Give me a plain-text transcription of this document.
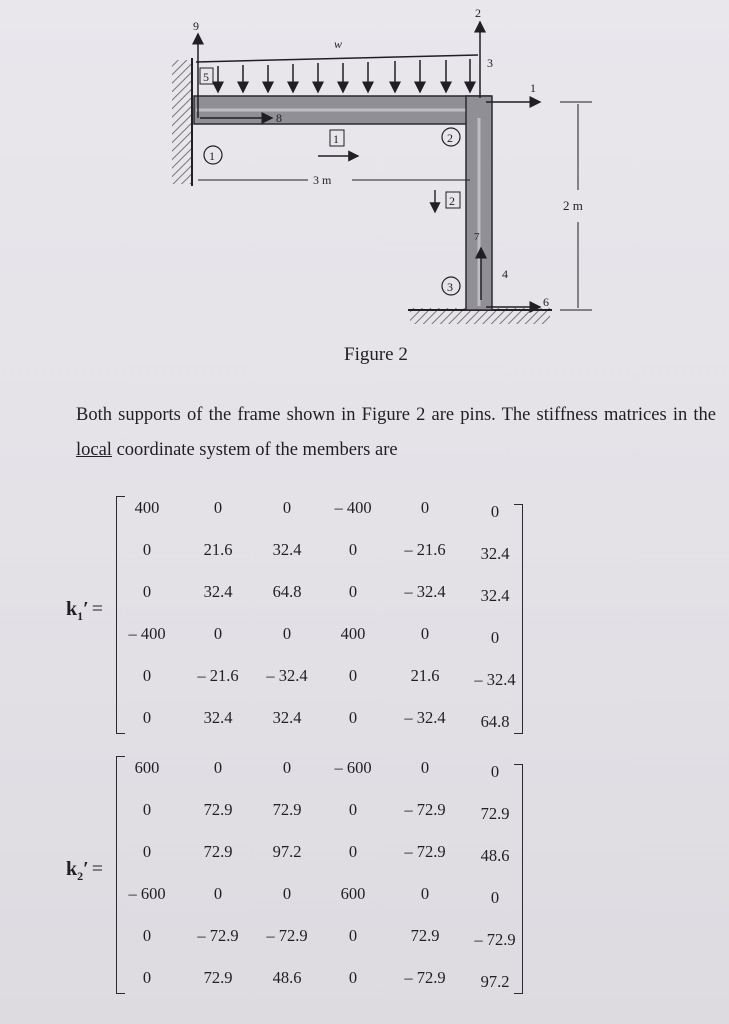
w
9
5
8
1
1
3 m
2
2
2
3
1
7
4
6
3
2 m
Figure 2
Both supports of the frame shown in Figure 2 are pins. The stiffness matrices in the local coordinate system of the members are
$k_1'$ =
400	0	0	– 400	0	0
0	21.6	32.4	0	– 21.6	32.4
0	32.4	64.8	0	– 32.4	32.4
– 400	0	0	400	0	0
0	– 21.6	– 32.4	0	21.6	– 32.4
0	32.4	32.4	0	– 32.4	64.8
$k_2'$ =
600	0	0	– 600	0	0
0	72.9	72.9	0	– 72.9	72.9
0	72.9	97.2	0	– 72.9	48.6
– 600	0	0	600	0	0
0	– 72.9	– 72.9	0	72.9	– 72.9
0	72.9	48.6	0	– 72.9	97.2
